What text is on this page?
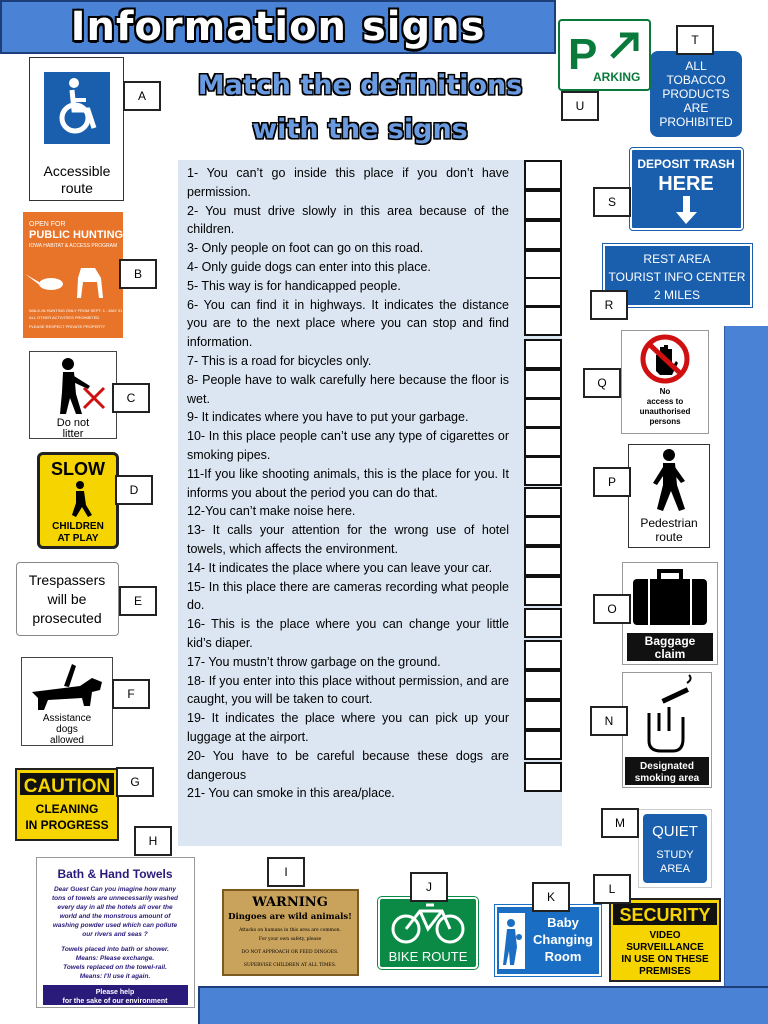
Information signs
Match the definitions
with the signs

1- You can’t go inside this place if you don’t have permission.

2- You must drive slowly in this area because of the children.

3- Only people on foot can go on this road.

4- Only guide dogs can enter into this place.

5- This way is for handicapped people.

6- You can find it in highways. It indicates the distance you are to the next place where you can stop and find information.

7- This is a road for bicycles only.

8- People have to walk carefully here because the floor is wet.

9- It indicates where you have to put your garbage.

10- In this place people can’t use any type of cigarettes or smoking pipes.

11-If you like shooting animals, this is the place for you. It informs you about the period you can do that.

12-You can’t make noise here.

13- It calls your attention for the wrong use of hotel towels, which affects the environment.

14- It indicates the place where you can leave your car.

15- In this place there are cameras recording what people do.

16- This is the place where you can change your little kid’s diaper.

17- You mustn’t throw garbage on the ground.

18- If you enter into this place without permission, and are caught, you will be taken to court.

19- It indicates the place where you can pick up your luggage at the airport.

20- You have to be careful because these dogs are dangerous

21- You can smoke in this area/place.

Accessible
route
OPEN FOR
PUBLIC HUNTING
IOWA HABITAT & ACCESS PROGRAM
WALK-IN HUNTING ONLY FROM SEPT. 1 - MAY 31
ALL OTHER ACTIVITIES PROHIBITED
PLEASE RESPECT PRIVATE PROPERTY
Do not
litter
SLOW
CHILDREN
AT PLAY
Trespassers
will be
prosecuted
Assistance
dogs
allowed
CAUTION
CLEANING
IN PROGRESS
Bath & Hand Towels
Dear Guest Can you imagine how many
tons of towels are unnecessarily washed
every day in all the hotels all over the
world and the monstrous amount of
washing powder used which can pollute
our rivers and seas ?
Towels placed into bath or shower.
Means: Please exchange.
Towels replaced on the towel-rail.
Means: I'll use it again.
Please help
for the sake of our environment
WARNING
Dingoes are wild animals!
Attacks on humans in this area are common.
For your own safety, please
DO NOT APPROACH OR FEED DINGOES.
SUPERVISE CHILDREN AT ALL TIMES.
BIKE ROUTE
Baby
Changing
Room
SECURITY
VIDEO
SURVEILLANCE
IN USE ON THESE
PREMISES
QUIET
STUDY
AREA
Designated
smoking area
Baggage
claim
Pedestrian
route
No
access to
unauthorised
persons
REST AREA
TOURIST INFO CENTER
2 MILES
DEPOSIT TRASH
HERE
ALL
TOBACCO
PRODUCTS
ARE
PROHIBITED
P
ARKING
A
B
C
D
E
F
G
H
I
J
K
L
M
N
O
P
Q
R
S
T
U
